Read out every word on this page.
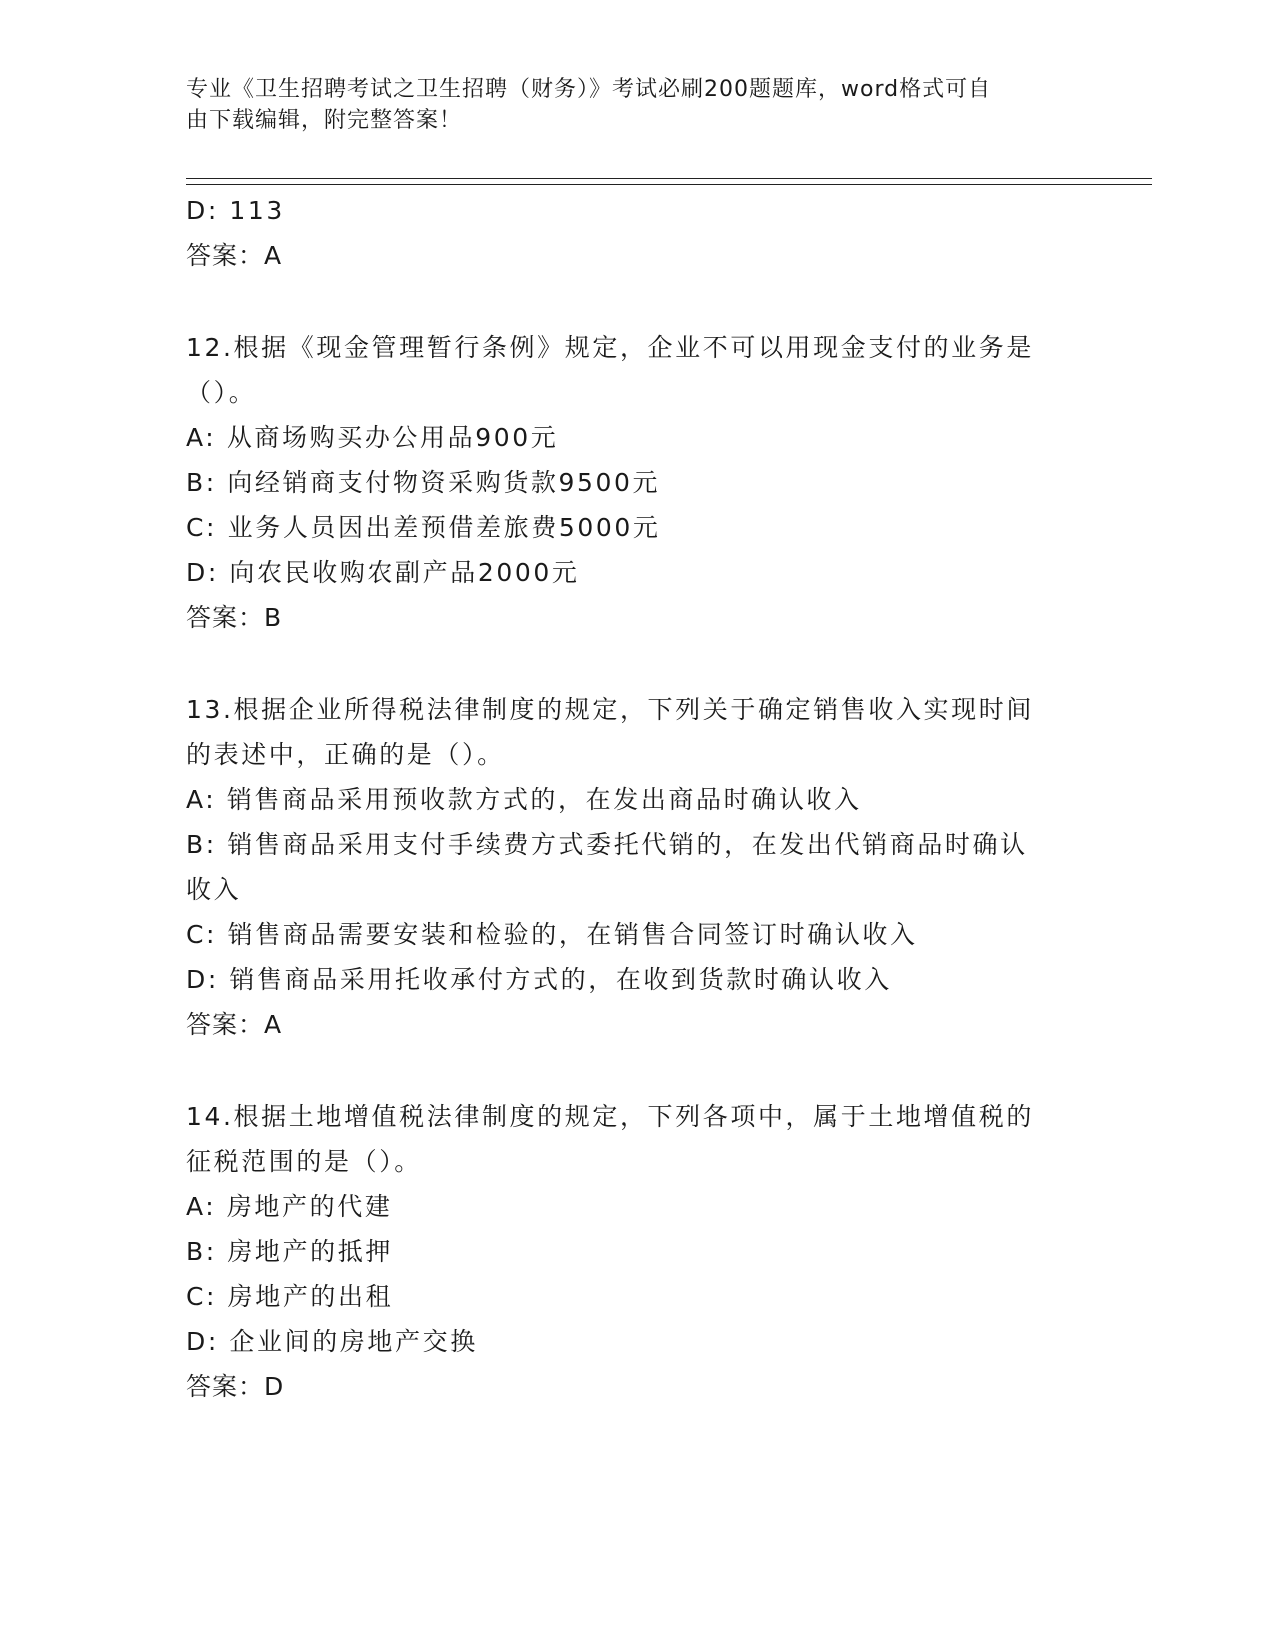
专业《卫生招聘考试之卫生招聘（财务）》考试必刷200题题库，word格式可自
由下载编辑，附完整答案！
D: 113
答案：A
12.根据《现金管理暂行条例》规定，企业不可以用现金支付的业务是
（）。
A: 从商场购买办公用品900元
B: 向经销商支付物资采购货款9500元
C: 业务人员因出差预借差旅费5000元
D: 向农民收购农副产品2000元
答案：B
13.根据企业所得税法律制度的规定，下列关于确定销售收入实现时间
的表述中，正确的是（）。
A: 销售商品采用预收款方式的，在发出商品时确认收入
B: 销售商品采用支付手续费方式委托代销的，在发出代销商品时确认
收入
C: 销售商品需要安装和检验的，在销售合同签订时确认收入
D: 销售商品采用托收承付方式的，在收到货款时确认收入
答案：A
14.根据土地增值税法律制度的规定，下列各项中，属于土地增值税的
征税范围的是（）。
A: 房地产的代建
B: 房地产的抵押
C: 房地产的出租
D: 企业间的房地产交换
答案：D
